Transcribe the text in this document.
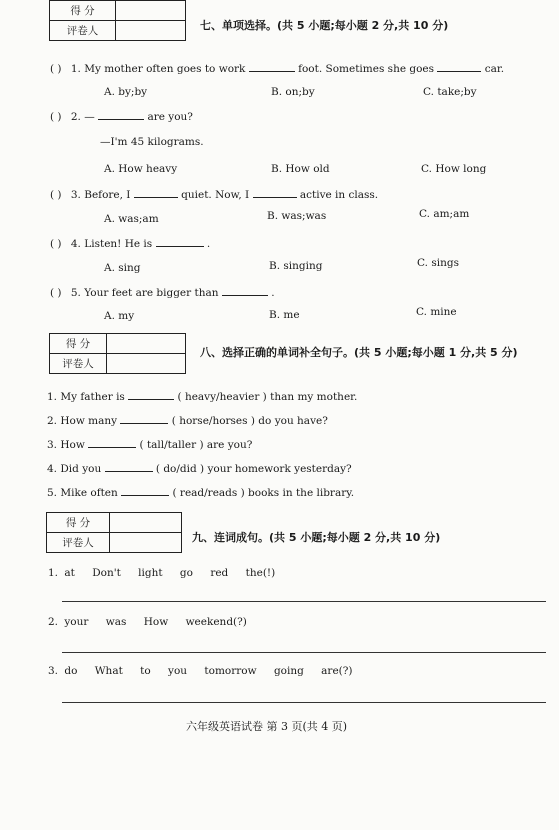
得 分	
评卷人		七、单项选择。(共 5 小题;每小题 2 分,共 10 分)
( ) 1. My mother often goes to work	foot. Sometimes she goes	car.
A. by;by	B. on;by	C. take;by
( ) 2. —	are you?
—I'm 45 kilograms.
A. How heavy	B. How old	C. How long
( ) 3. Before, I	quiet. Now, I	active in class.
A. was;am	B. was;was	C. am;am
( ) 4. Listen! He is	.
A. sing	B. singing	C. sings
( ) 5. Your feet are bigger than	.
A. my	B. me	C. mine
得 分	
评卷人	
八、选择正确的单词补全句子。(共 5 小题;每小题 1 分,共 5 分)
1. My father is	( heavy/heavier ) than my mother.
2. How many	( horse/horses ) do you have?
3. How	( tall/taller ) are you?
4. Did you	( do/did ) your homework yesterday?
5. Mike often	( read/reads ) books in the library.
得 分	
评卷人		九、连词成句。(共 5 小题;每小题 2 分,共 10 分)
1. at Don't light go red the(!)
2. your was How weekend(?)
3. do What to you tomorrow going are(?)
六年级英语试卷 第 3 页(共 4 页)
